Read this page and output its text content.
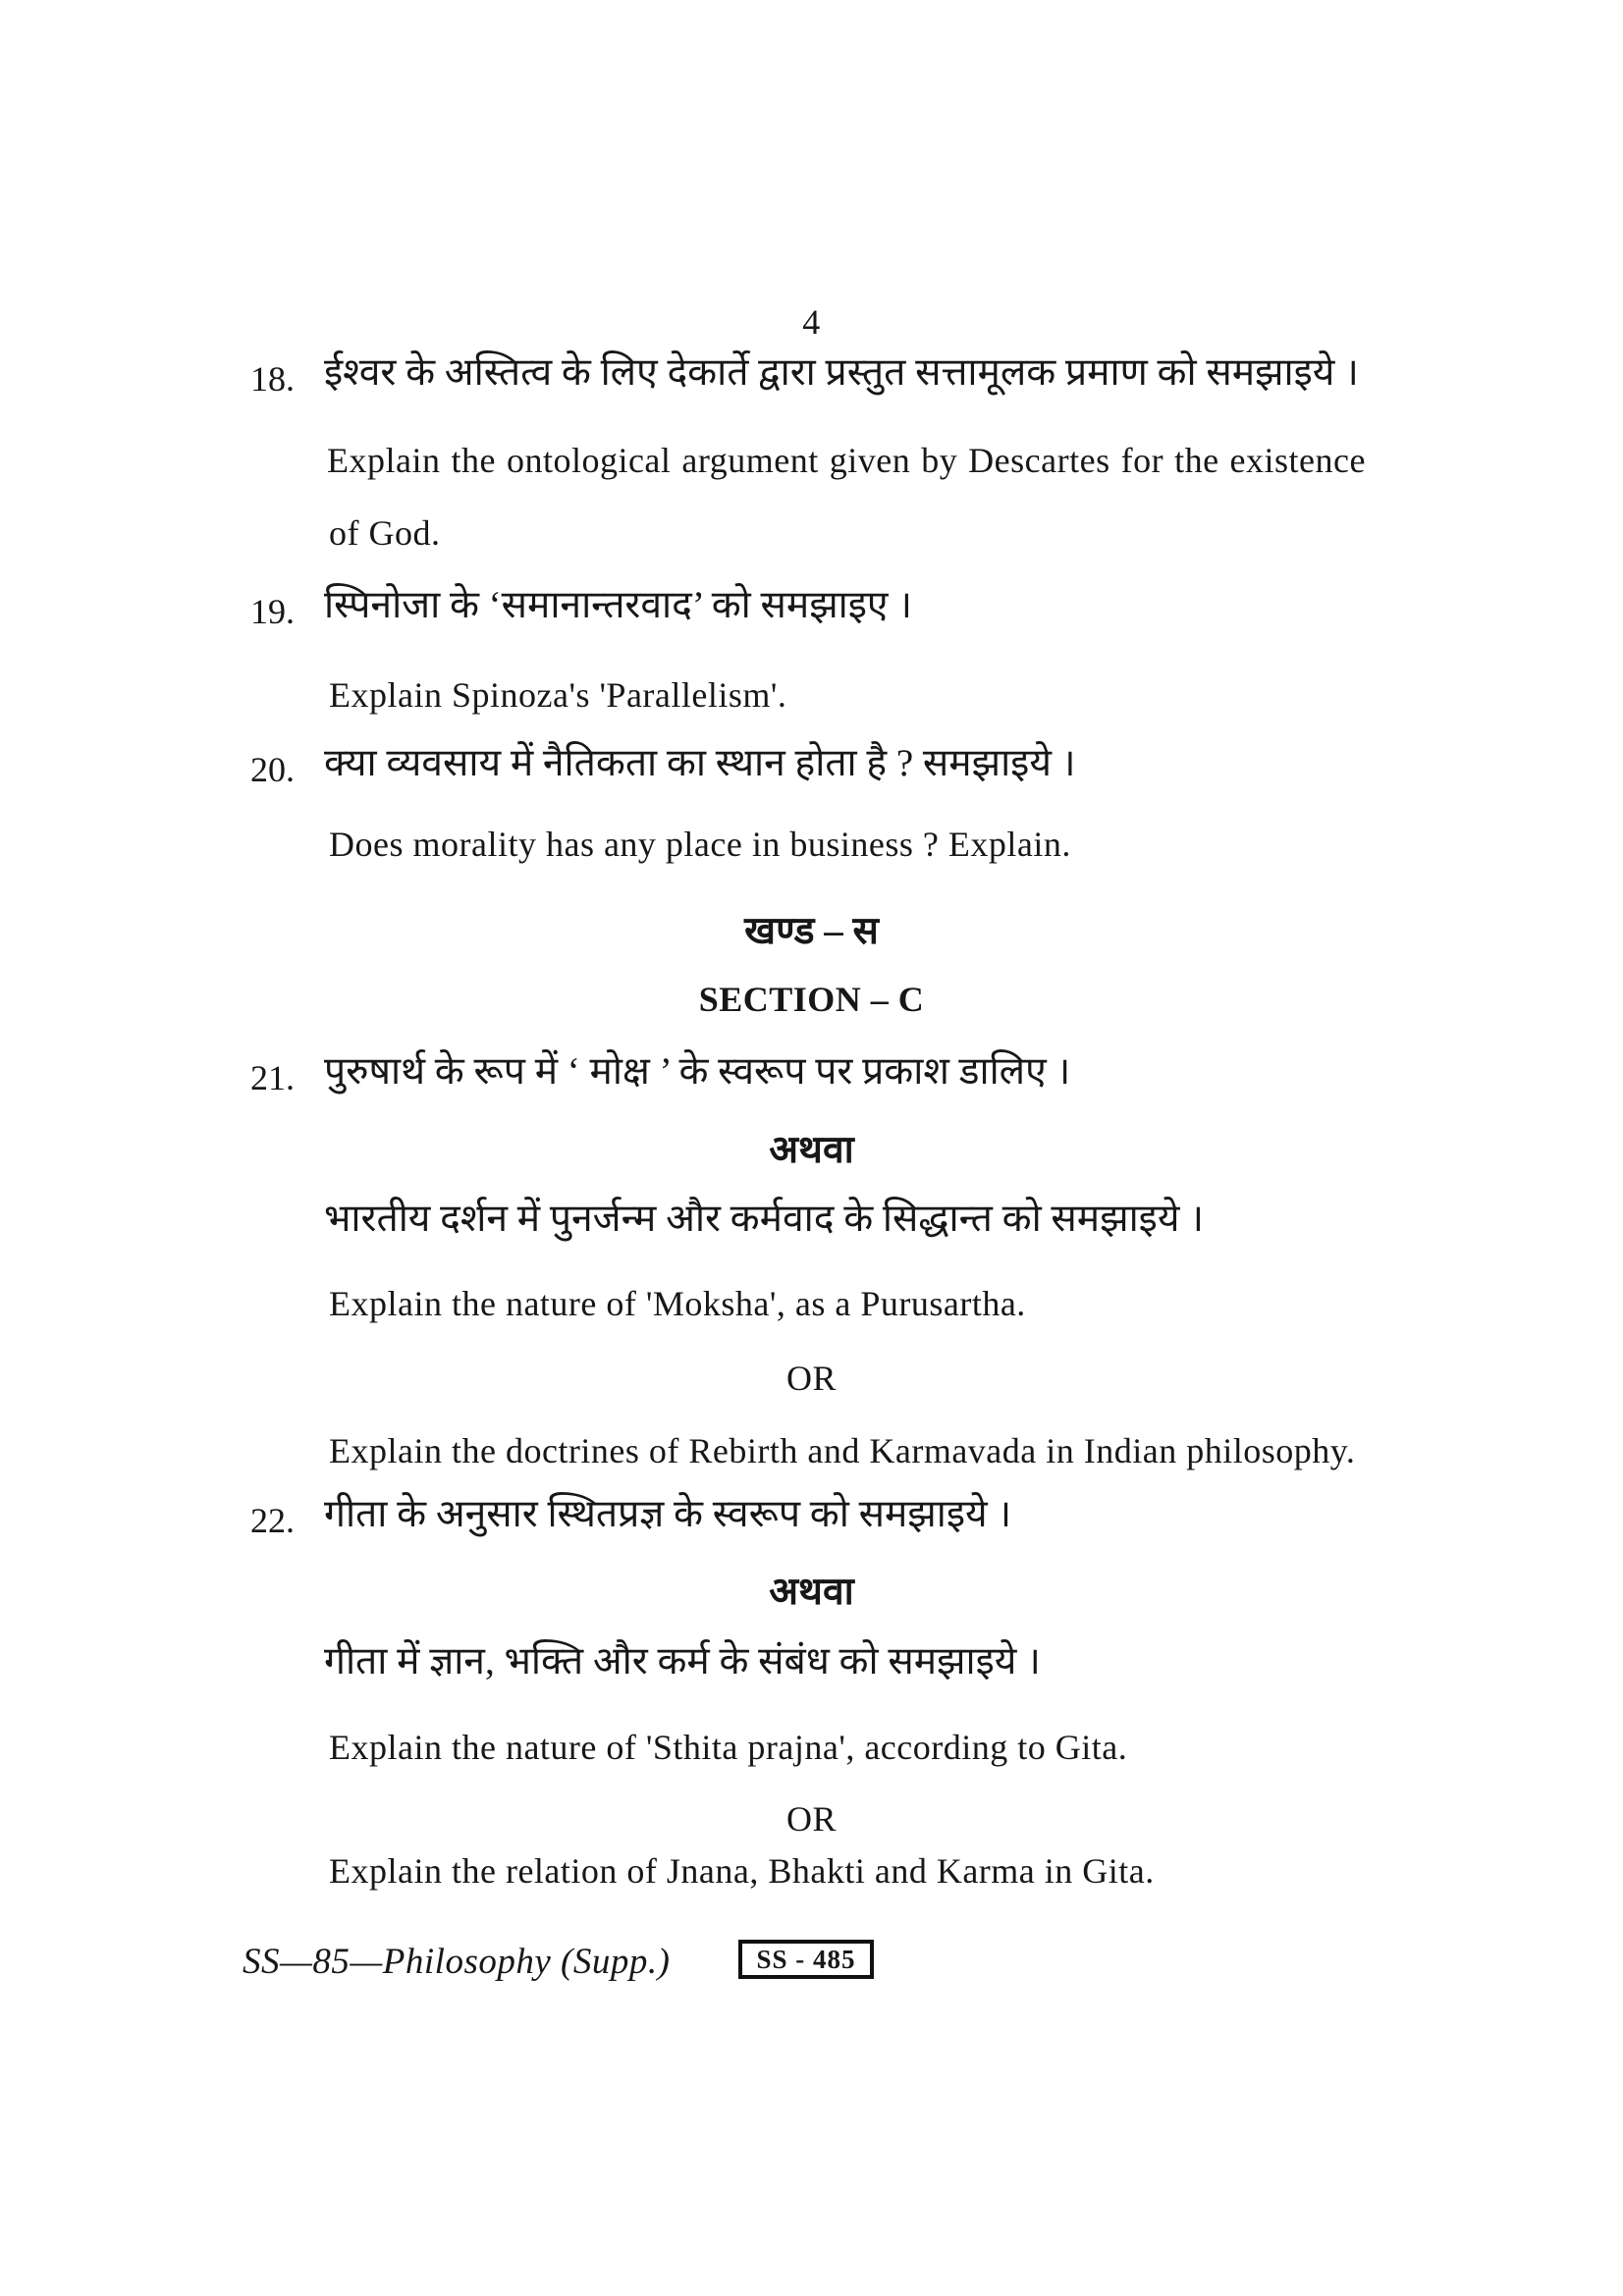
4
18. ईश्वर के अस्तित्व के लिए देकार्ते द्वारा प्रस्तुत सत्तामूलक प्रमाण को समझाइये ।
Explain the ontological argument given by Descartes for the existence
of God.
19. स्पिनोजा के ‘समानान्तरवाद’ को समझाइए ।
Explain Spinoza's 'Parallelism'.
20. क्या व्यवसाय में नैतिकता का स्थान होता है ? समझाइये ।
Does morality has any place in business ? Explain.
खण्ड – स
SECTION – C
21. पुरुषार्थ के रूप में ‘ मोक्ष ’ के स्वरूप पर प्रकाश डालिए ।
अथवा
भारतीय दर्शन में पुनर्जन्म और कर्मवाद के सिद्धान्त को समझाइये ।
Explain the nature of 'Moksha', as a Purusartha.
OR
Explain the doctrines of Rebirth and Karmavada in Indian philosophy.
22. गीता के अनुसार स्थितप्रज्ञ के स्वरूप को समझाइये ।
अथवा
गीता में ज्ञान, भक्ति और कर्म के संबंध को समझाइये ।
Explain the nature of 'Sthita prajna', according to Gita.
OR
Explain the relation of Jnana, Bhakti and Karma in Gita.
SS—85—Philosophy (Supp.)	SS - 485
